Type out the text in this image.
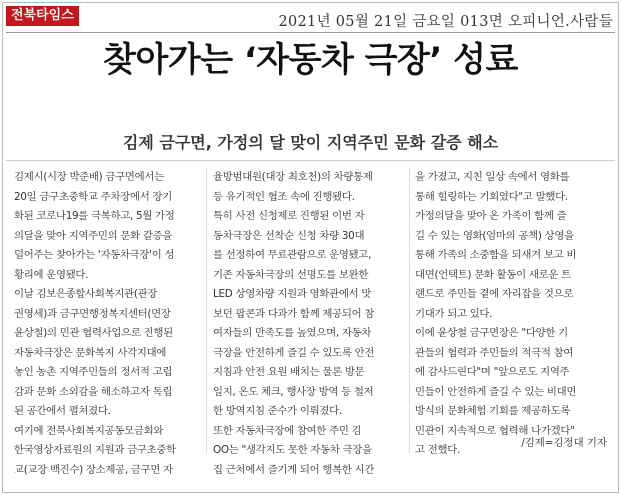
전북타임스	2021년 05월 21일 금요일 013면 오피니언.사람들
찾아가는 ‘자동차 극장’ 성료
김제 금구면, 가정의 달 맞이 지역주민 문화 갈증 해소
김제시(시장 박준배) 금구면에서는
20일 금구초중학교 주차장에서 장기
화된 코로나19를 극복하고, 5월 가정
의달을 맞아 지역주민의 문화 갈증을
덜어주는 찾아가는 '자동차극장'이 성
황리에 운영됐다.
이날 김보은종합사회복지관(관장
권영세)과 금구면행정복지센터(면장
윤상철)의 민관 협력사업으로 진행된
자동차극장은 문화복지 사각지대에
놓인 농촌 지역주민들의 정서적 고립
감과 문화 소외감을 해소하고자 독립
된 공간에서 펼쳐졌다.
여기에 전북사회복지공동모금회와
한국영상자료원의 지원과 금구초중학
교(교장 백진수) 장소제공, 금구면 자
율방범대원(대장 최호천)의 차량통제
등 유기적인 협조 속에 진행됐다.
특히 사전 신청제로 진행된 이번 자
동차극장은 선착순 신청 차량 30대
를 선정하여 무료관람으로 운영됐고,
기존 자동차극장의 선명도를 보완한
LED 상영차량 지원과 영화관에서 맛
보던 팝콘과 다과가 함께 제공되어 참
여자들의 만족도를 높였으며, 자동차
극장을 안전하게 즐길 수 있도록 안전
지침과 안전 요원 배치는 물론 방문
일지, 온도 체크, 행사장 방역 등 철저
한 방역지침 준수가 이뤄졌다.
또한 자동차극장에 참여한 주민 김
OO는 "생각지도 못한 자동차 극장을
집 근처에서 즐기게 되어 행복한 시간
을 가졌고, 지친 일상 속에서 영화를
통해 힐링하는 기회였다"고 말했다.
가정의달을 맞아 온 가족이 함께 즐
길 수 있는 영화(엄마의 공책) 상영을
통해 가족의 소중함을 되새겨 보고 비
대면(언택트) 문화 활동이 새로운 트
랜드로 주민들 곁에 자리잡을 것으로
기대가 되고 있다.
이에 윤상철 금구면장은 "다양한 기
관들의 협력과 주민들의 적극적 참여
에 감사드린다"며 "앞으로도 지역주
민들이 안전하게 즐길 수 있는 비대면
방식의 문화체험 기회를 제공하도록
민관이 지속적으로 협력해 나가겠다"
고 전했다.
/김제=김정대 기자
